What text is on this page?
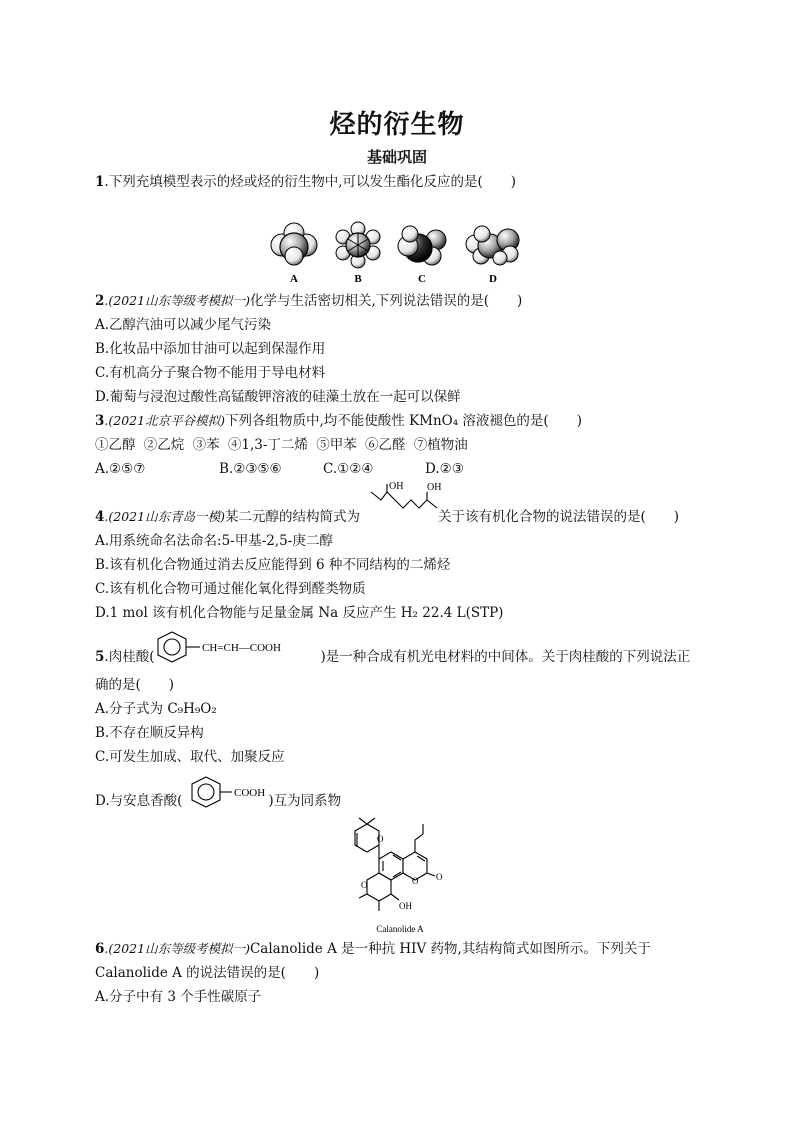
烃的衍生物
基础巩固
1.下列充填模型表示的烃或烃的衍生物中,可以发生酯化反应的是( )
A	B	C	D
2.(2021山东等级考模拟一)化学与生活密切相关,下列说法错误的是( )
A.乙醇汽油可以减少尾气污染
B.化妆品中添加甘油可以起到保湿作用
C.有机高分子聚合物不能用于导电材料
D.葡萄与浸泡过酸性高锰酸钾溶液的硅藻土放在一起可以保鲜
3.(2021北京平谷模拟)下列各组物质中,均不能使酸性 KMnO₄ 溶液褪色的是( )
①乙醇 ②乙烷 ③苯 ④1,3-丁二烯 ⑤甲苯 ⑥乙醛 ⑦植物油
A.②⑤⑦	B.②③⑤⑥	C.①②④	D.②③
OH OH
4.(2021山东青岛一模)某二元醇的结构简式为	关于该有机化合物的说法错误的是( )
A.用系统命名法命名:5-甲基-2,5-庚二醇
B.该有机化合物通过消去反应能得到 6 种不同结构的二烯烃
C.该有机化合物可通过催化氧化得到醛类物质
D.1 mol 该有机化合物能与足量金属 Na 反应产生 H₂ 22.4 L(STP)
5.肉桂酸(	)是一种合成有机光电材料的中间体。关于肉桂酸的下列说法正
CH=CH—COOH
确的是( )
A.分子式为 C₉H₉O₂
B.不存在顺反异构
C.可发生加成、取代、加聚反应
D.与安息香酸(	)互为同系物
COOH
O
O O
O
OH
Calanolide A
6.(2021山东等级考模拟一)Calanolide A 是一种抗 HIV 药物,其结构简式如图所示。下列关于
Calanolide A 的说法错误的是( )
A.分子中有 3 个手性碳原子
